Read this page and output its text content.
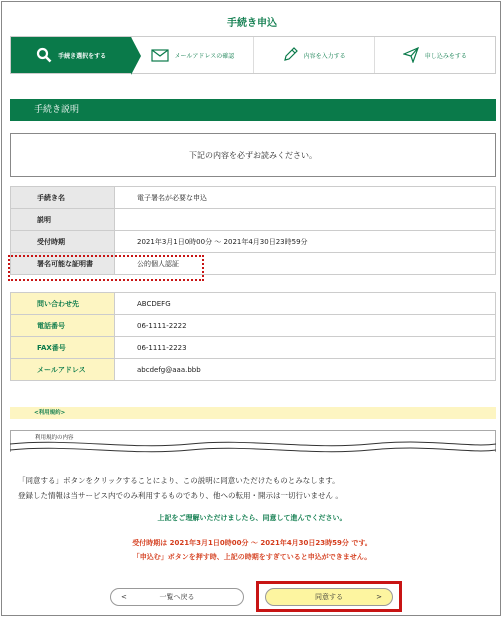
手続き申込
手続き選択をする	メールアドレスの確認	内容を入力する	申し込みをする
手続き説明
下記の内容を必ずお読みください。
手続き名	電子署名が必要な申込
説明	
受付時期	2021年3月1日0時00分 〜 2021年4月30日23時59分
署名可能な証明書	公的個人認証
問い合わせ先	ABCDEFG
電話番号	06-1111-2222
FAX番号	06-1111-2223
メールアドレス	abcdefg@aaa.bbb
<利用規約>
利用規約の内容
「同意する」ボタンをクリックすることにより、この説明に同意いただけたものとみなします。
登録した情報は当サービス内でのみ利用するものであり、他への転用・開示は一切行いません 。
上記をご理解いただけましたら、同意して進んでください。
受付時期は 2021年3月1日0時00分 〜 2021年4月30日23時59分 です。
「申込む」ボタンを押す時、上記の時期をすぎていると申込ができません。
<	一覧へ戻る	同意する	>
